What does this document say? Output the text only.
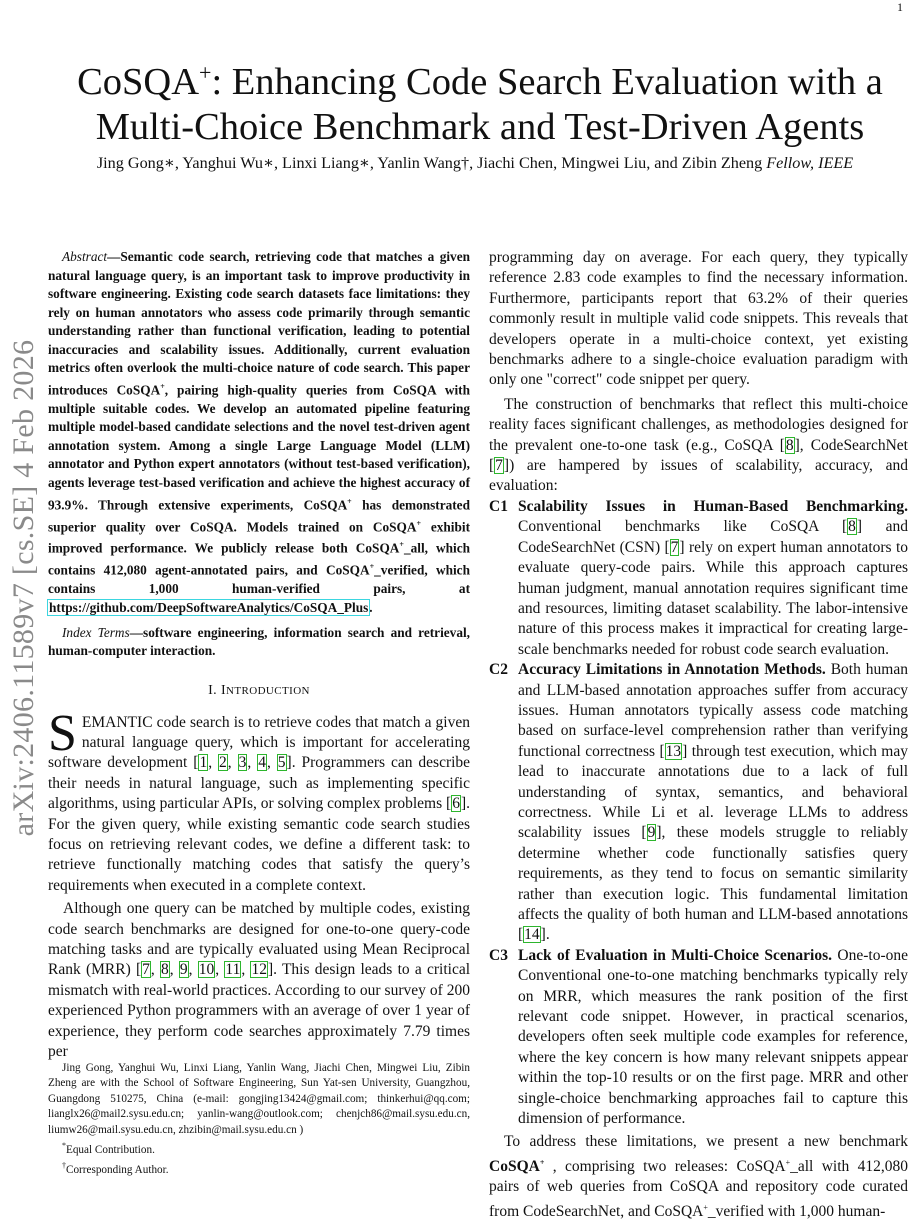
1
arXiv:2406.11589v7 [cs.SE] 4 Feb 2026
CoSQA+: Enhancing Code Search Evaluation with a
Multi-Choice Benchmark and Test-Driven Agents
Jing Gong∗, Yanghui Wu∗, Linxi Liang∗, Yanlin Wang†, Jiachi Chen, Mingwei Liu, and Zibin Zheng Fellow, IEEE

Abstract—Semantic code search, retrieving code that matches a given natural language query, is an important task to improve productivity in software engineering. Existing code search datasets face limitations: they rely on human annotators who assess code primarily through semantic understanding rather than functional verification, leading to potential inaccuracies and scalability issues. Additionally, current evaluation metrics often overlook the multi-choice nature of code search. This paper introduces CoSQA+, pairing high-quality queries from CoSQA with multiple suitable codes. We develop an automated pipeline featuring multiple model-based candidate selections and the novel test-driven agent annotation system. Among a single Large Language Model (LLM) annotator and Python expert annotators (without test-based verification), agents leverage test-based verification and achieve the highest accuracy of 93.9%. Through extensive experiments, CoSQA+ has demonstrated superior quality over CoSQA. Models trained on CoSQA+ exhibit improved performance. We publicly release both CoSQA+_all, which contains 412,080 agent-annotated pairs, and CoSQA+_verified, which contains 1,000 human-verified pairs, at https://github.com/DeepSoftwareAnalytics/CoSQA_Plus.

Index Terms—software engineering, information search and retrieval, human-computer interaction.

I. INTRODUCTION

SEMANTIC code search is to retrieve codes that match a given natural language query, which is important for accelerating software development [1, 2, 3, 4, 5]. Programmers can describe their needs in natural language, such as implementing specific algorithms, using particular APIs, or solving complex problems [6]. For the given query, while existing semantic code search studies focus on retrieving relevant codes, we define a different task: to retrieve functionally matching codes that satisfy the query’s requirements when executed in a complete context.

Although one query can be matched by multiple codes, existing code search benchmarks are designed for one-to-one query-code matching tasks and are typically evaluated using Mean Reciprocal Rank (MRR) [7, 8, 9, 10, 11, 12]. This design leads to a critical mismatch with real-world practices. According to our survey of 200 experienced Python programmers with an average of over 1 year of experience, they perform code searches approximately 7.79 times per

Jing Gong, Yanghui Wu, Linxi Liang, Yanlin Wang, Jiachi Chen, Mingwei Liu, Zibin Zheng are with the School of Software Engineering, Sun Yat-sen University, Guangzhou, Guangdong 510275, China (e-mail: gongjing13424@gmail.com; thinkerhui@qq.com; lianglx26@mail2.sysu.edu.cn; yanlin-wang@outlook.com; chenjch86@mail.sysu.edu.cn, liumw26@mail.sysu.edu.cn, zhzibin@mail.sysu.edu.cn )

*Equal Contribution.

†Corresponding Author.

programming day on average. For each query, they typically reference 2.83 code examples to find the necessary information. Furthermore, participants report that 63.2% of their queries commonly result in multiple valid code snippets. This reveals that developers operate in a multi-choice context, yet existing benchmarks adhere to a single-choice evaluation paradigm with only one "correct" code snippet per query.

The construction of benchmarks that reflect this multi-choice reality faces significant challenges, as methodologies designed for the prevalent one-to-one task (e.g., CoSQA [8], CodeSearchNet [7]) are hampered by issues of scalability, accuracy, and evaluation:

C1 Scalability Issues in Human-Based Benchmarking. Conventional benchmarks like CoSQA [8] and CodeSearchNet (CSN) [7] rely on expert human annotators to evaluate query-code pairs. While this approach captures human judgment, manual annotation requires significant time and resources, limiting dataset scalability. The labor-intensive nature of this process makes it impractical for creating large-scale benchmarks needed for robust code search evaluation.
C2 Accuracy Limitations in Annotation Methods. Both human and LLM-based annotation approaches suffer from accuracy issues. Human annotators typically assess code matching based on surface-level comprehension rather than verifying functional correctness [13] through test execution, which may lead to inaccurate annotations due to a lack of full understanding of syntax, semantics, and behavioral correctness. While Li et al. leverage LLMs to address scalability issues [9], these models struggle to reliably determine whether code functionally satisfies query requirements, as they tend to focus on semantic similarity rather than execution logic. This fundamental limitation affects the quality of both human and LLM-based annotations [14].
C3 Lack of Evaluation in Multi-Choice Scenarios. One-to-one Conventional one-to-one matching benchmarks typically rely on MRR, which measures the rank position of the first relevant code snippet. However, in practical scenarios, developers often seek multiple code examples for reference, where the key concern is how many relevant snippets appear within the top-10 results or on the first page. MRR and other single-choice benchmarking approaches fail to capture this dimension of performance.

To address these limitations, we present a new benchmark CoSQA+ , comprising two releases: CoSQA+_all with 412,080 pairs of web queries from CoSQA and repository code curated from CodeSearchNet, and CoSQA+_verified with 1,000 human-
